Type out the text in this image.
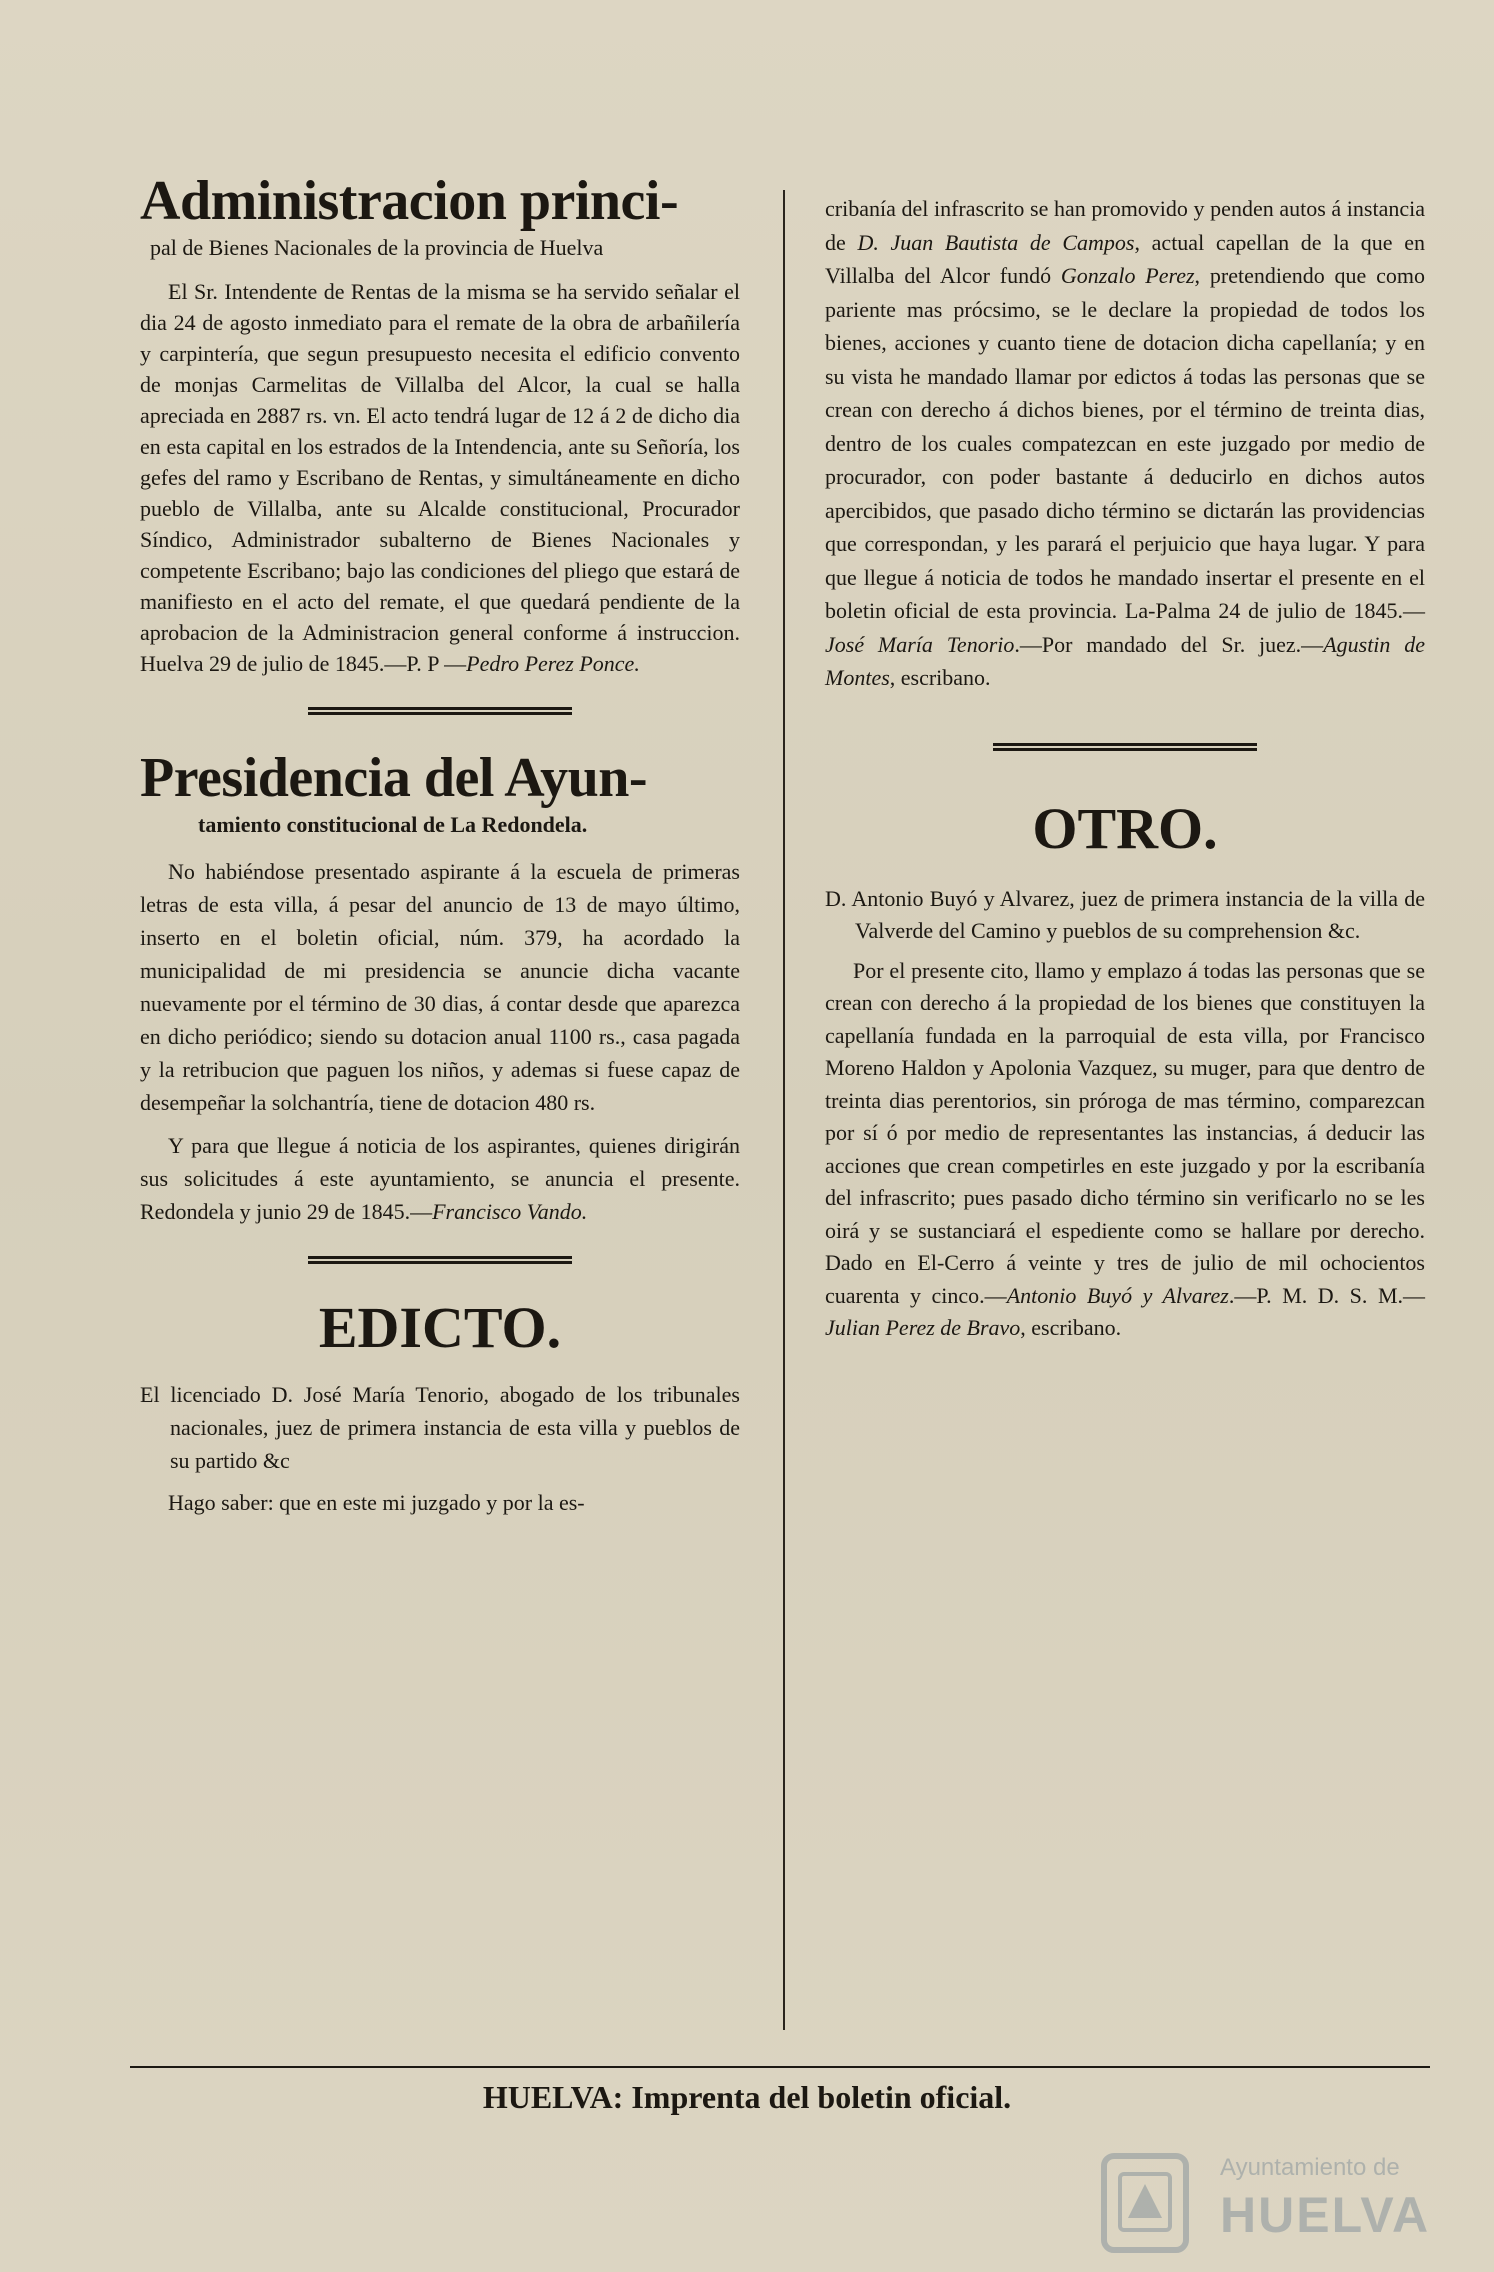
Administracion princi-
pal de Bienes Nacionales de la provincia de Huelva

El Sr. Intendente de Rentas de la misma se ha servido señalar el dia 24 de agosto inmediato para el remate de la obra de arbañilería y carpintería, que segun presupuesto necesita el edificio convento de monjas Carmelitas de Villalba del Alcor, la cual se halla apreciada en 2887 rs. vn. El acto tendrá lugar de 12 á 2 de dicho dia en esta capital en los estrados de la Intendencia, ante su Señoría, los gefes del ramo y Escribano de Rentas, y simultáneamente en dicho pueblo de Villalba, ante su Alcalde constitucional, Procurador Síndico, Administrador subalterno de Bienes Nacionales y competente Escribano; bajo las condiciones del pliego que estará de manifiesto en el acto del remate, el que quedará pendiente de la aprobacion de la Administracion general conforme á instruccion. Huelva 29 de julio de 1845.—P. P —Pedro Perez Ponce.

Presidencia del Ayun-
tamiento constitucional de La Redondela.

No habiéndose presentado aspirante á la escuela de primeras letras de esta villa, á pesar del anuncio de 13 de mayo último, inserto en el boletin oficial, núm. 379, ha acordado la municipalidad de mi presidencia se anuncie dicha vacante nuevamente por el término de 30 dias, á contar desde que aparezca en dicho periódico; siendo su dotacion anual 1100 rs., casa pagada y la retribucion que paguen los niños, y ademas si fuese capaz de desempeñar la solchantría, tiene de dotacion 480 rs.

Y para que llegue á noticia de los aspirantes, quienes dirigirán sus solicitudes á este ayuntamiento, se anuncia el presente. Redondela y junio 29 de 1845.—Francisco Vando.

EDICTO.

El licenciado D. José María Tenorio, abogado de los tribunales nacionales, juez de primera instancia de esta villa y pueblos de su partido &c

Hago saber: que en este mi juzgado y por la es-

cribanía del infrascrito se han promovido y penden autos á instancia de D. Juan Bautista de Campos, actual capellan de la que en Villalba del Alcor fundó Gonzalo Perez, pretendiendo que como pariente mas prócsimo, se le declare la propiedad de todos los bienes, acciones y cuanto tiene de dotacion dicha capellanía; y en su vista he mandado llamar por edictos á todas las personas que se crean con derecho á dichos bienes, por el término de treinta dias, dentro de los cuales compatezcan en este juzgado por medio de procurador, con poder bastante á deducirlo en dichos autos apercibidos, que pasado dicho término se dictarán las providencias que correspondan, y les parará el perjuicio que haya lugar. Y para que llegue á noticia de todos he mandado insertar el presente en el boletin oficial de esta provincia. La-Palma 24 de julio de 1845.—José María Tenorio.—Por mandado del Sr. juez.—Agustin de Montes, escribano.

OTRO.

D. Antonio Buyó y Alvarez, juez de primera instancia de la villa de Valverde del Camino y pueblos de su comprehension &c.

Por el presente cito, llamo y emplazo á todas las personas que se crean con derecho á la propiedad de los bienes que constituyen la capellanía fundada en la parroquial de esta villa, por Francisco Moreno Haldon y Apolonia Vazquez, su muger, para que dentro de treinta dias perentorios, sin próroga de mas término, comparezcan por sí ó por medio de representantes las instancias, á deducir las acciones que crean competirles en este juzgado y por la escribanía del infrascrito; pues pasado dicho término sin verificarlo no se les oirá y se sustanciará el espediente como se hallare por derecho. Dado en El-Cerro á veinte y tres de julio de mil ochocientos cuarenta y cinco.—Antonio Buyó y Alvarez.—P. M. D. S. M.—Julian Perez de Bravo, escribano.

HUELVA: Imprenta del boletin oficial.
Ayuntamiento de
HUELVA
